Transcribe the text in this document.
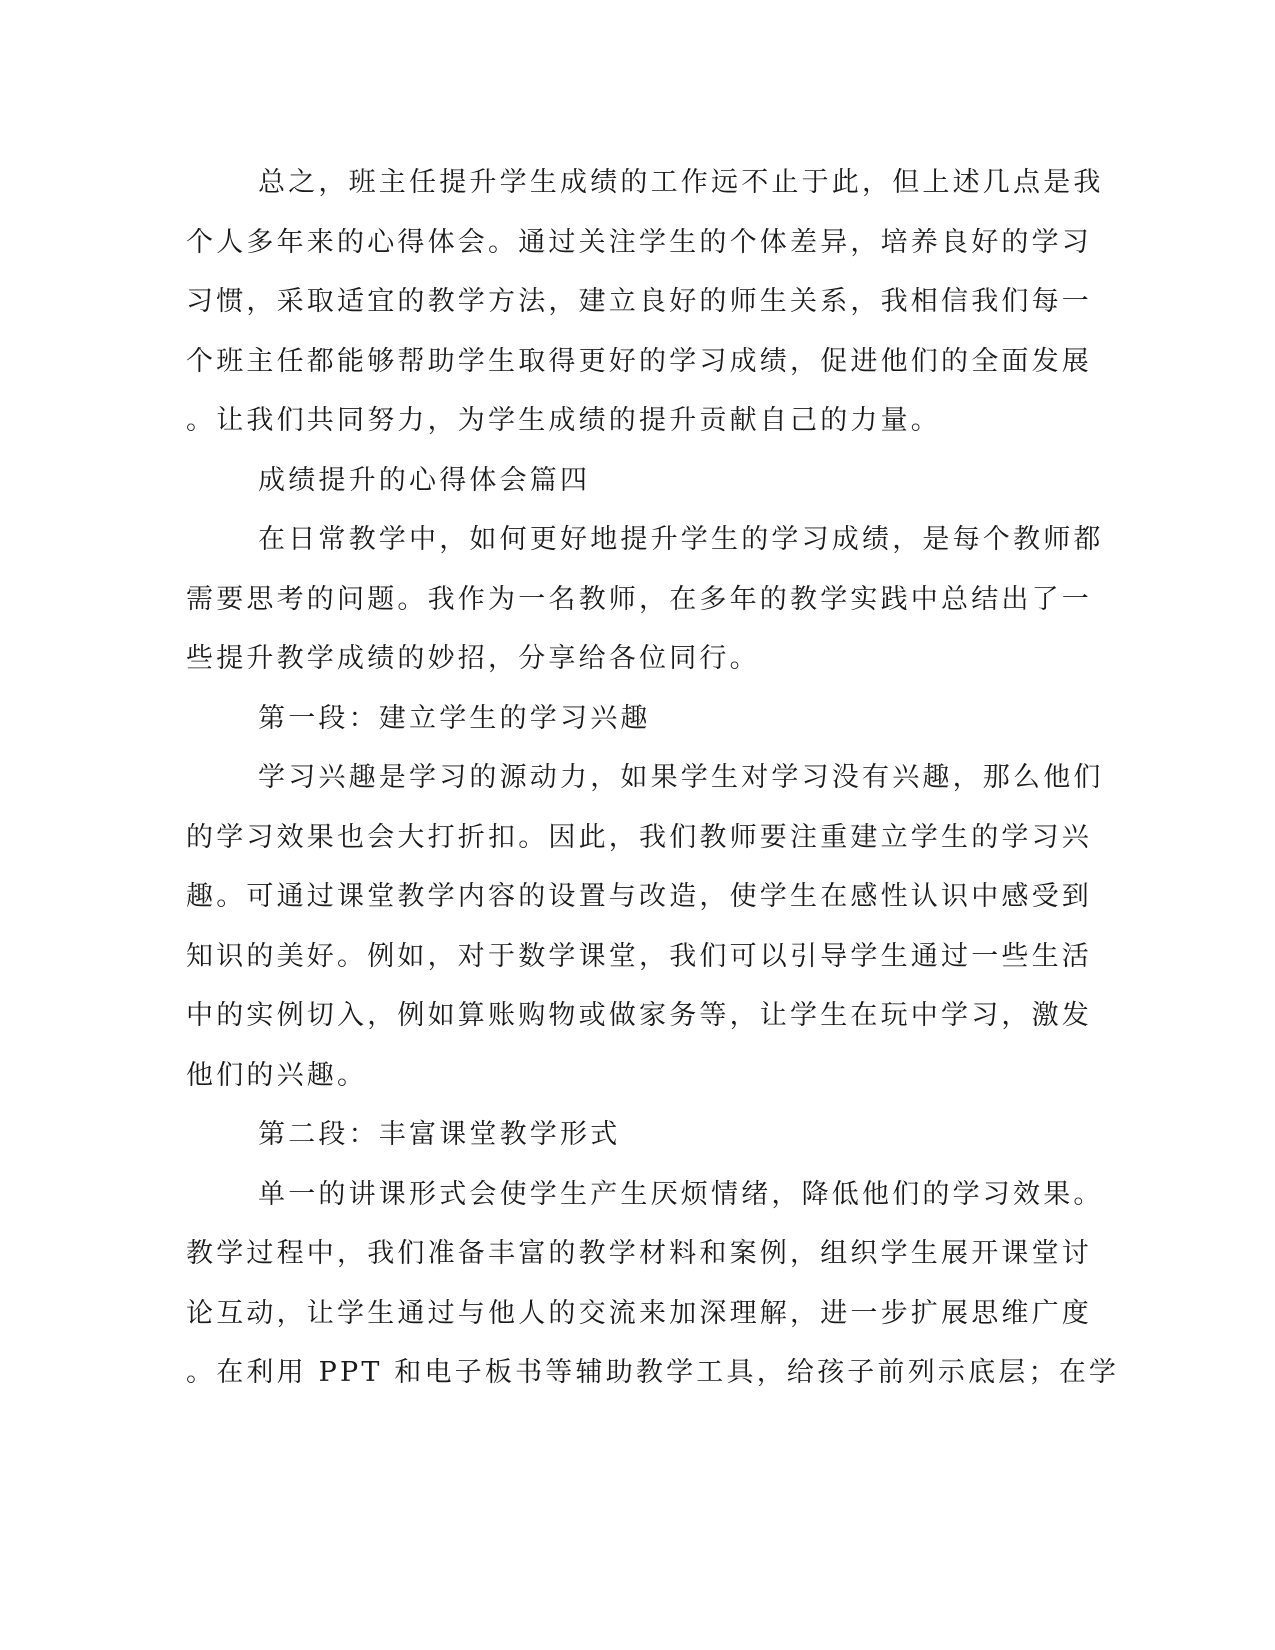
总之，班主任提升学生成绩的工作远不止于此，但上述几点是我
个人多年来的心得体会。通过关注学生的个体差异，培养良好的学习
习惯，采取适宜的教学方法，建立良好的师生关系，我相信我们每一
个班主任都能够帮助学生取得更好的学习成绩，促进他们的全面发展
。让我们共同努力，为学生成绩的提升贡献自己的力量。
成绩提升的心得体会篇四
在日常教学中，如何更好地提升学生的学习成绩，是每个教师都
需要思考的问题。我作为一名教师，在多年的教学实践中总结出了一
些提升教学成绩的妙招，分享给各位同行。
第一段：建立学生的学习兴趣
学习兴趣是学习的源动力，如果学生对学习没有兴趣，那么他们
的学习效果也会大打折扣。因此，我们教师要注重建立学生的学习兴
趣。可通过课堂教学内容的设置与改造，使学生在感性认识中感受到
知识的美好。例如，对于数学课堂，我们可以引导学生通过一些生活
中的实例切入，例如算账购物或做家务等，让学生在玩中学习，激发
他们的兴趣。
第二段：丰富课堂教学形式
单一的讲课形式会使学生产生厌烦情绪，降低他们的学习效果。
教学过程中，我们准备丰富的教学材料和案例，组织学生展开课堂讨
论互动，让学生通过与他人的交流来加深理解，进一步扩展思维广度
。在利用 PPT 和电子板书等辅助教学工具，给孩子前列示底层；在学
